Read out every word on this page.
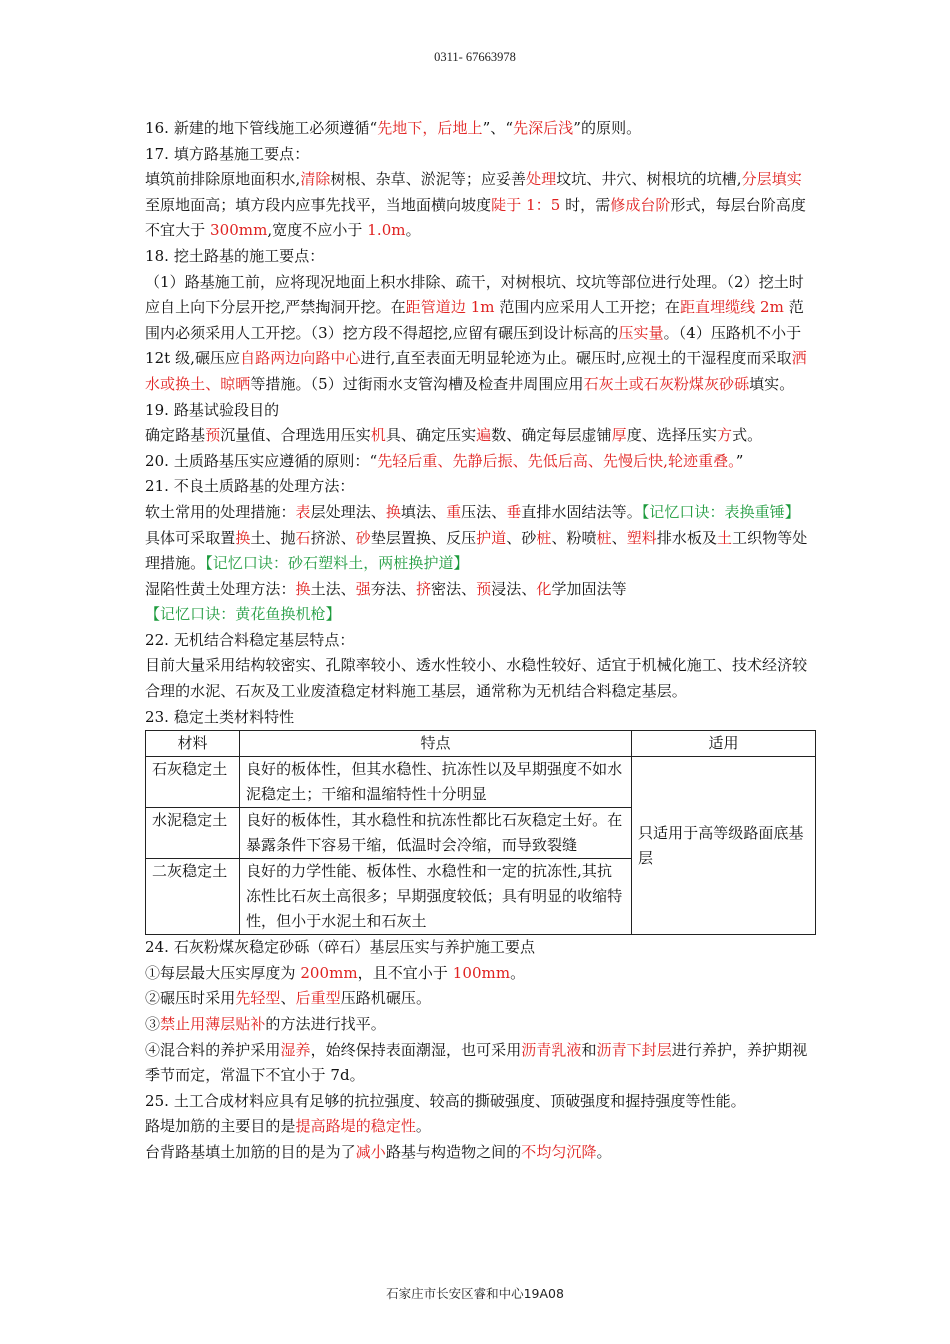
0311- 67663978

16. 新建的地下管线施工必须遵循“先地下，后地上”、“先深后浅”的原则。

17. 填方路基施工要点：

填筑前排除原地面积水,清除树根、杂草、淤泥等；应妥善处理坟坑、井穴、树根坑的坑槽,分层填实至原地面高；填方段内应事先找平，当地面横向坡度陡于 1：5 时，需修成台阶形式，每层台阶高度不宜大于 300mm,宽度不应小于 1.0m。

18. 挖土路基的施工要点：

（1）路基施工前，应将现况地面上积水排除、疏干，对树根坑、坟坑等部位进行处理。（2）挖土时应自上向下分层开挖,严禁掏洞开挖。在距管道边 1m 范围内应采用人工开挖；在距直埋缆线 2m 范围内必须采用人工开挖。（3）挖方段不得超挖,应留有碾压到设计标高的压实量。（4）压路机不小于 12t 级,碾压应自路两边向路中心进行,直至表面无明显轮迹为止。碾压时,应视土的干湿程度而采取洒水或换土、晾晒等措施。（5）过街雨水支管沟槽及检查井周围应用石灰土或石灰粉煤灰砂砾填实。

19. 路基试验段目的

确定路基预沉量值、合理选用压实机具、确定压实遍数、确定每层虚铺厚度、选择压实方式。

20. 土质路基压实应遵循的原则：“先轻后重、先静后振、先低后高、先慢后快,轮迹重叠。”

21. 不良土质路基的处理方法：

软土常用的处理措施：表层处理法、换填法、重压法、垂直排水固结法等。【记忆口诀：表换重锤】

具体可采取置换土、抛石挤淤、砂垫层置换、反压护道、砂桩、粉喷桩、塑料排水板及土工织物等处理措施。【记忆口诀：砂石塑料土，两桩换护道】

湿陷性黄土处理方法：换土法、强夯法、挤密法、预浸法、化学加固法等【记忆口诀：黄花鱼换机枪】

22. 无机结合料稳定基层特点：

目前大量采用结构较密实、孔隙率较小、透水性较小、水稳性较好、适宜于机械化施工、技术经济较合理的水泥、石灰及工业废渣稳定材料施工基层，通常称为无机结合料稳定基层。

23. 稳定土类材料特性

材料	特点	适用
石灰稳定土	良好的板体性，但其水稳性、抗冻性以及早期强度不如水泥稳定土；干缩和温缩特性十分明显	只适用于高等级路面底基层
水泥稳定土	良好的板体性，其水稳性和抗冻性都比石灰稳定土好。在暴露条件下容易干缩，低温时会冷缩，而导致裂缝	
二灰稳定土	良好的力学性能、板体性、水稳性和一定的抗冻性,其抗冻性比石灰土高很多；早期强度较低；具有明显的收缩特性，但小于水泥土和石灰土	

24. 石灰粉煤灰稳定砂砾（碎石）基层压实与养护施工要点

①每层最大压实厚度为 200mm，且不宜小于 100mm。

②碾压时采用先轻型、后重型压路机碾压。

③禁止用薄层贴补的方法进行找平。

④混合料的养护采用湿养，始终保持表面潮湿，也可采用沥青乳液和沥青下封层进行养护，养护期视季节而定，常温下不宜小于 7d。

25. 土工合成材料应具有足够的抗拉强度、较高的撕破强度、顶破强度和握持强度等性能。

路堤加筋的主要目的是提高路堤的稳定性。

台背路基填土加筋的目的是为了减小路基与构造物之间的不均匀沉降。

石家庄市长安区睿和中心19A08
